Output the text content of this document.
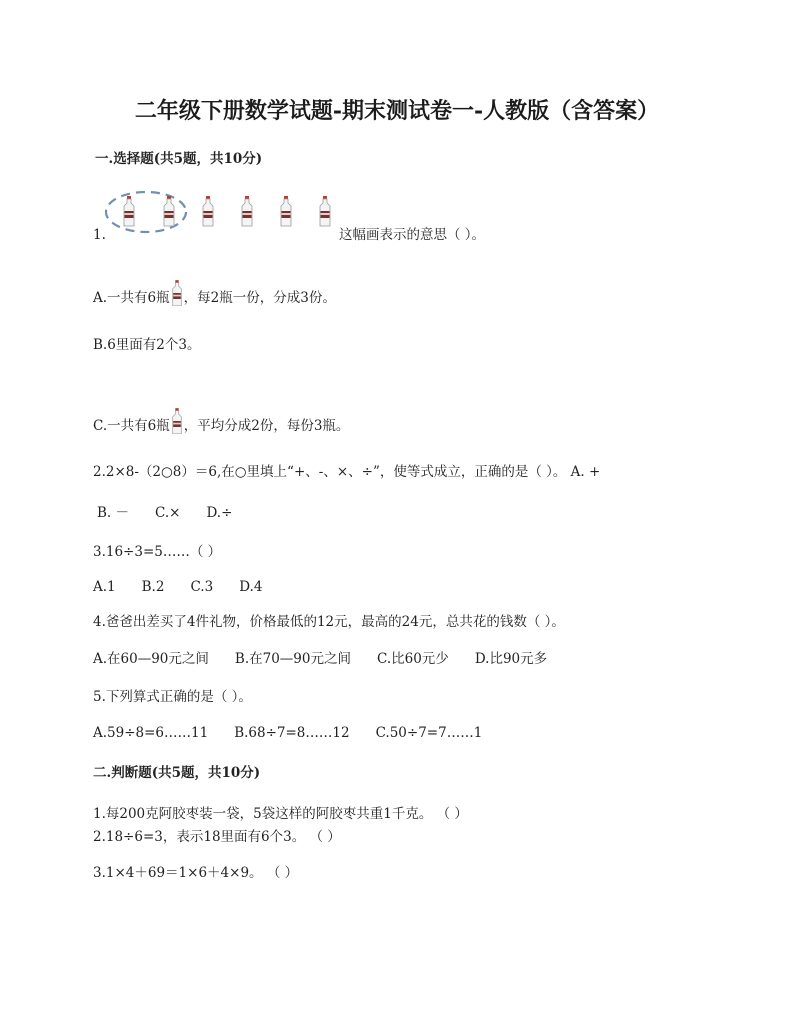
二年级下册数学试题-期末测试卷一-人教版（含答案）
一.选择题(共5题，共10分)
1.	这幅画表示的意思（ ）。
A.一共有6瓶 ，每2瓶一份，分成3份。
B.6里面有2个3。
C.一共有6瓶 ，平均分成2份，每份3瓶。
2.2×8-（2○8）＝6,在○里填上“+、-、×、÷”，使等式成立，正确的是（ ）。 A. +
B. － C.× D.÷
3.16÷3=5……（ ）
A.1 B.2 C.3 D.4
4.爸爸出差买了4件礼物，价格最低的12元，最高的24元，总共花的钱数（ ）。
A.在60—90元之间 B.在70—90元之间 C.比60元少 D.比90元多
5.下列算式正确的是（ ）。
A.59÷8=6……11 B.68÷7=8……12 C.50÷7=7……1
二.判断题(共5题，共10分)
1.每200克阿胶枣装一袋，5袋这样的阿胶枣共重1千克。 （ ）
2.18÷6=3，表示18里面有6个3。 （ ）
3.1×4＋69＝1×6＋4×9。 （ ）
